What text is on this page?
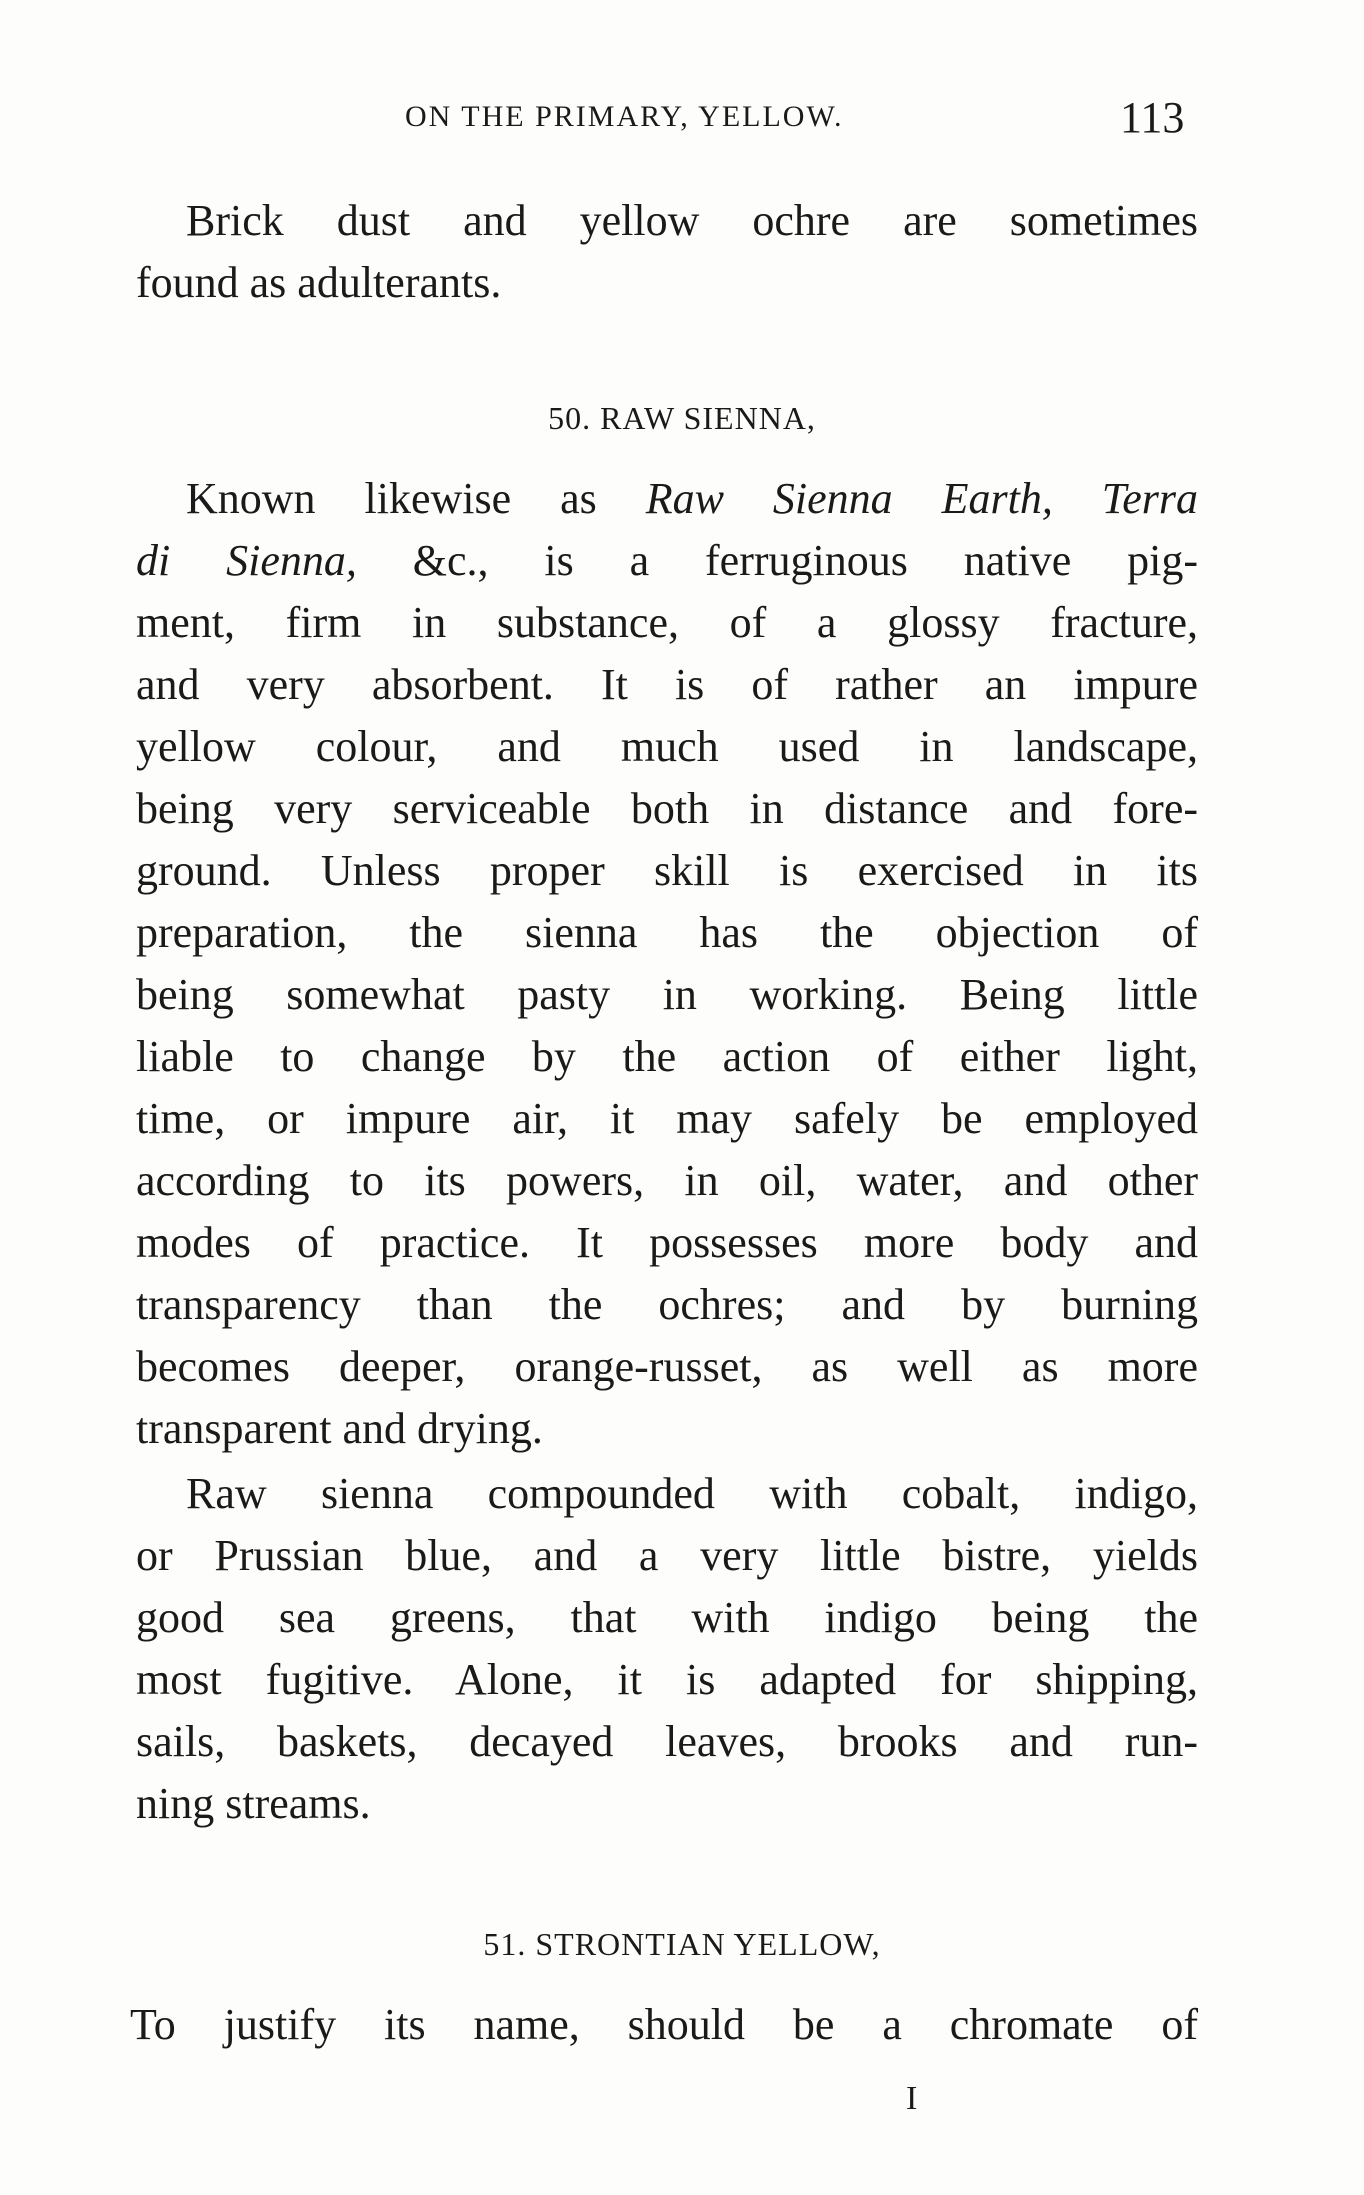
ON THE PRIMARY, YELLOW.	113
Brick dust and yellow ochre are sometimes
found as adulterants.
50. RAW SIENNA,
Known likewise as Raw Sienna Earth, Terra
di Sienna, &c., is a ferruginous native pig-
ment, firm in substance, of a glossy fracture,
and very absorbent. It is of rather an impure
yellow colour, and much used in landscape,
being very serviceable both in distance and fore-
ground. Unless proper skill is exercised in its
preparation, the sienna has the objection of
being somewhat pasty in working. Being little
liable to change by the action of either light,
time, or impure air, it may safely be employed
according to its powers, in oil, water, and other
modes of practice. It possesses more body and
transparency than the ochres; and by burning
becomes deeper, orange-russet, as well as more
transparent and drying.
Raw sienna compounded with cobalt, indigo,
or Prussian blue, and a very little bistre, yields
good sea greens, that with indigo being the
most fugitive. Alone, it is adapted for shipping,
sails, baskets, decayed leaves, brooks and run-
ning streams.
51. STRONTIAN YELLOW,
To justify its name, should be a chromate of
I
